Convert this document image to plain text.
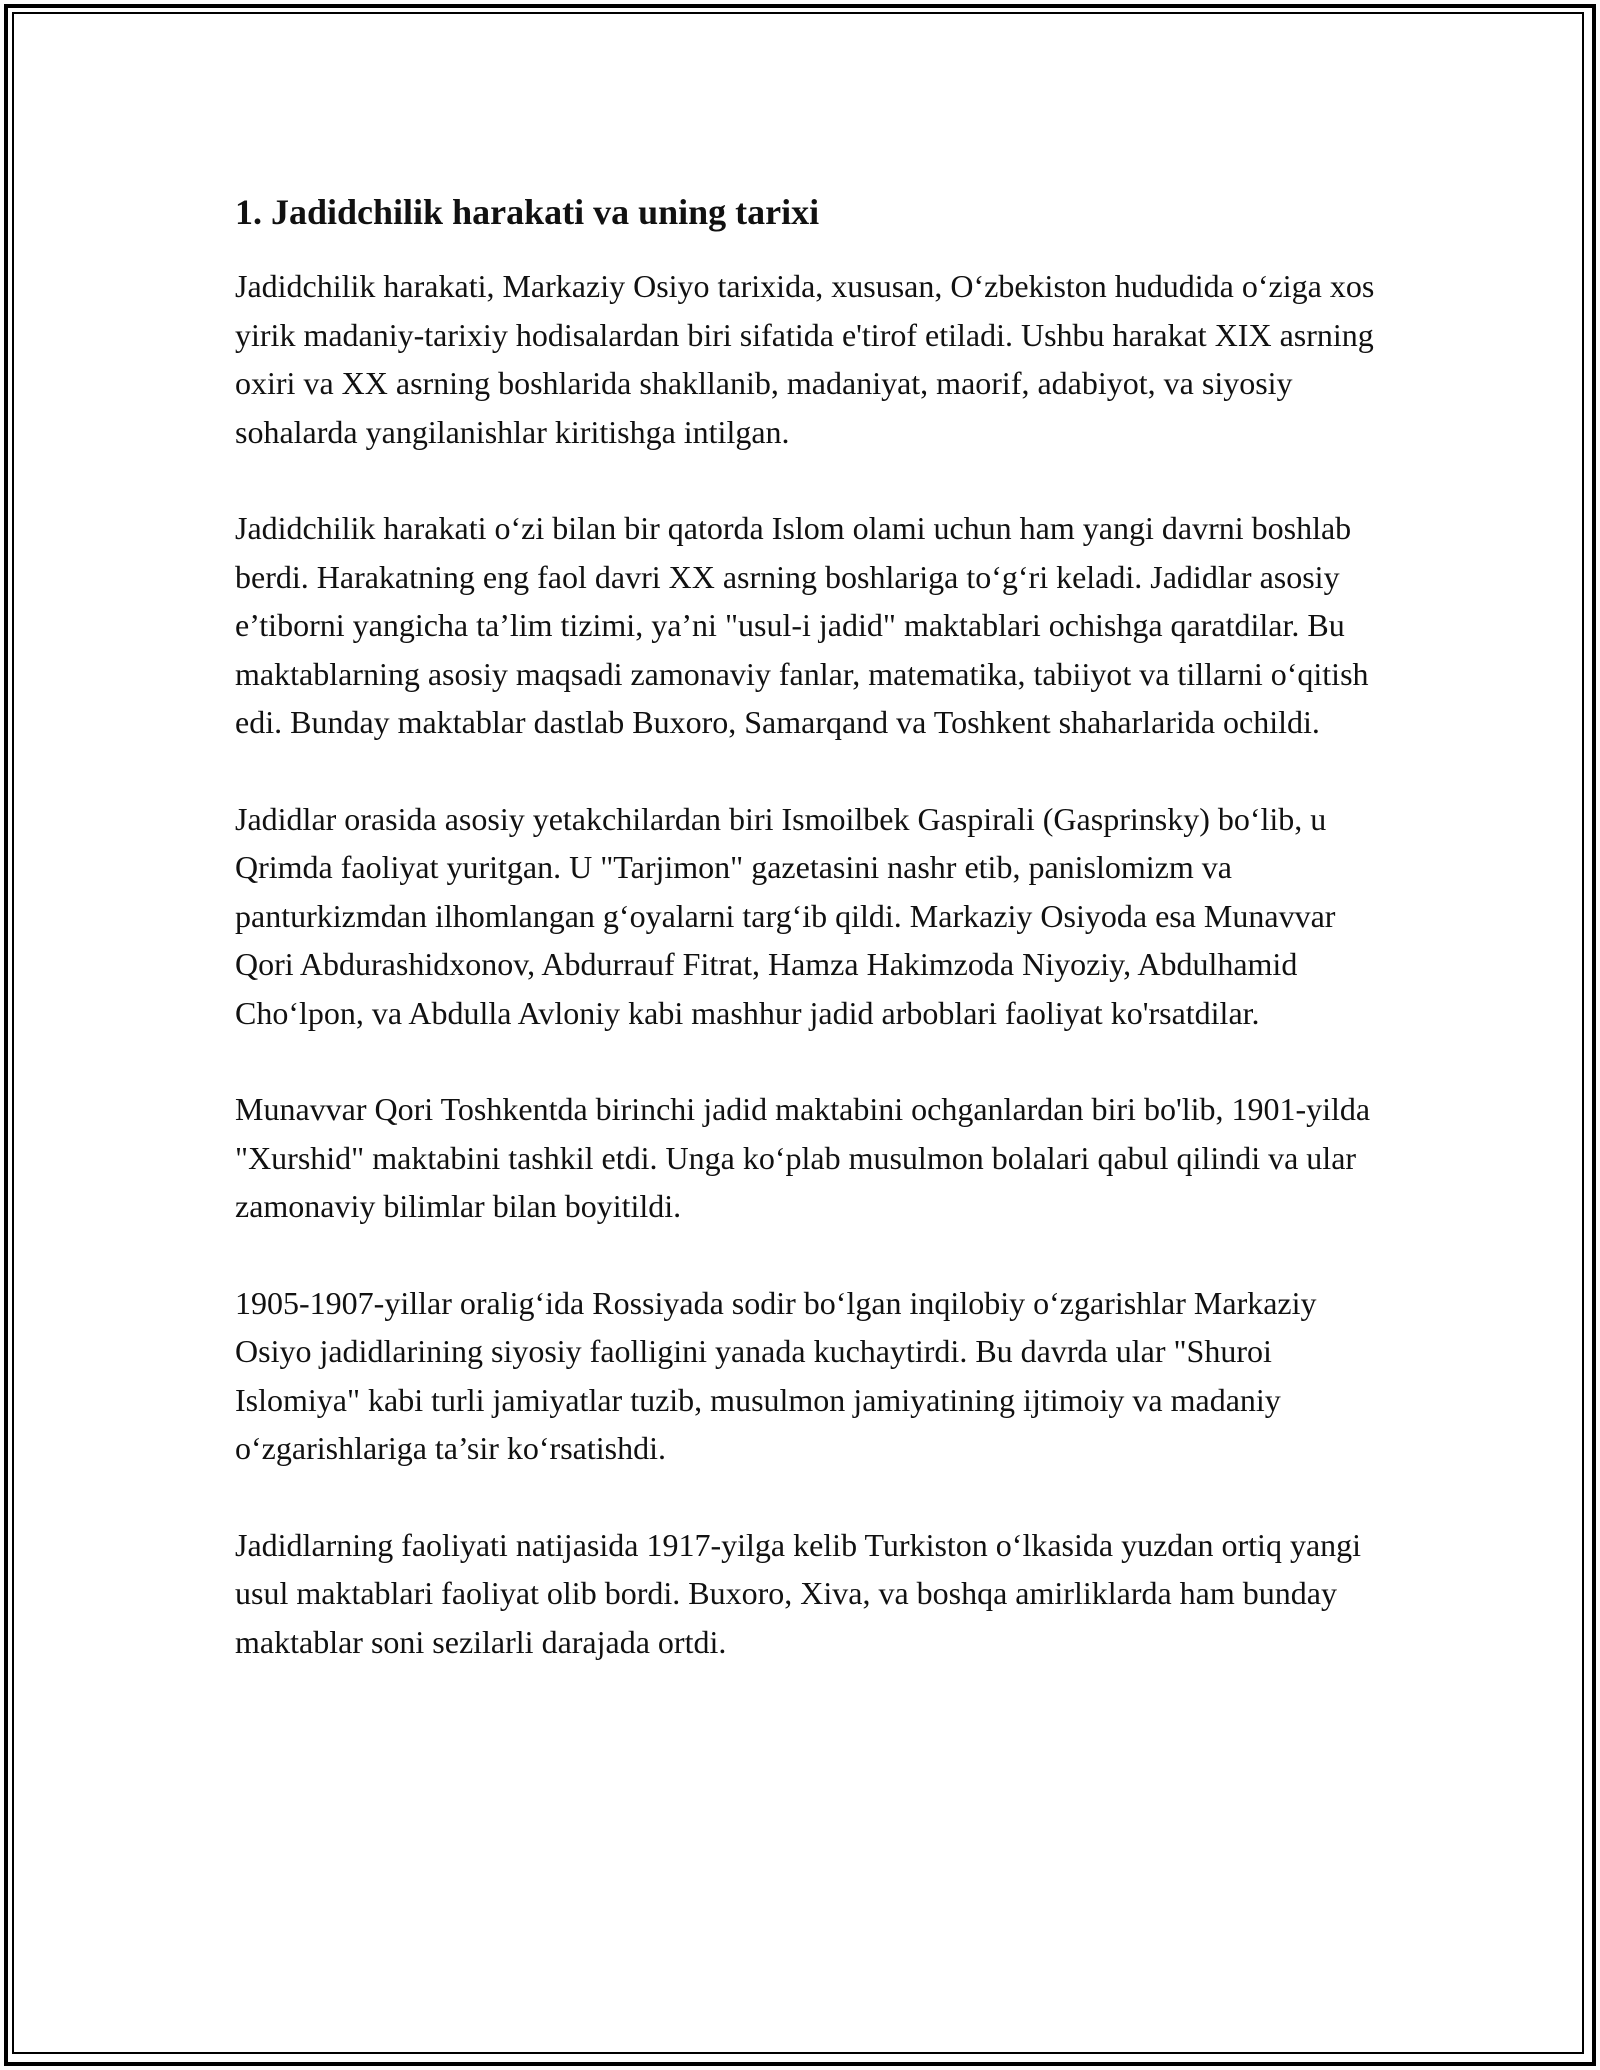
1. Jadidchilik harakati va uning tarixi

Jadidchilik harakati, Markaziy Osiyo tarixida, xususan, O‘zbekiston hududida o‘ziga xos yirik madaniy-tarixiy hodisalardan biri sifatida e'tirof etiladi. Ushbu harakat XIX asrning oxiri va XX asrning boshlarida shakllanib, madaniyat, maorif, adabiyot, va siyosiy sohalarda yangilanishlar kiritishga intilgan.

Jadidchilik harakati o‘zi bilan bir qatorda Islom olami uchun ham yangi davrni boshlab berdi. Harakatning eng faol davri XX asrning boshlariga to‘g‘ri keladi. Jadidlar asosiy e’tiborni yangicha ta’lim tizimi, ya’ni "usul-i jadid" maktablari ochishga qaratdilar. Bu maktablarning asosiy maqsadi zamonaviy fanlar, matematika, tabiiyot va tillarni o‘qitish edi. Bunday maktablar dastlab Buxoro, Samarqand va Toshkent shaharlarida ochildi.

Jadidlar orasida asosiy yetakchilardan biri Ismoilbek Gaspirali (Gasprinsky) bo‘lib, u Qrimda faoliyat yuritgan. U "Tarjimon" gazetasini nashr etib, panislomizm va panturkizmdan ilhomlangan g‘oyalarni targ‘ib qildi. Markaziy Osiyoda esa Munavvar Qori Abdurashidxonov, Abdurrauf Fitrat, Hamza Hakimzoda Niyoziy, Abdulhamid Cho‘lpon, va Abdulla Avloniy kabi mashhur jadid arboblari faoliyat ko'rsatdilar.

Munavvar Qori Toshkentda birinchi jadid maktabini ochganlardan biri bo'lib, 1901-yilda "Xurshid" maktabini tashkil etdi. Unga ko‘plab musulmon bolalari qabul qilindi va ular zamonaviy bilimlar bilan boyitildi.

1905-1907-yillar oralig‘ida Rossiyada sodir bo‘lgan inqilobiy o‘zgarishlar Markaziy Osiyo jadidlarining siyosiy faolligini yanada kuchaytirdi. Bu davrda ular "Shuroi Islomiya" kabi turli jamiyatlar tuzib, musulmon jamiyatining ijtimoiy va madaniy o‘zgarishlariga ta’sir ko‘rsatishdi.

Jadidlarning faoliyati natijasida 1917-yilga kelib Turkiston o‘lkasida yuzdan ortiq yangi usul maktablari faoliyat olib bordi. Buxoro, Xiva, va boshqa amirliklarda ham bunday maktablar soni sezilarli darajada ortdi.
